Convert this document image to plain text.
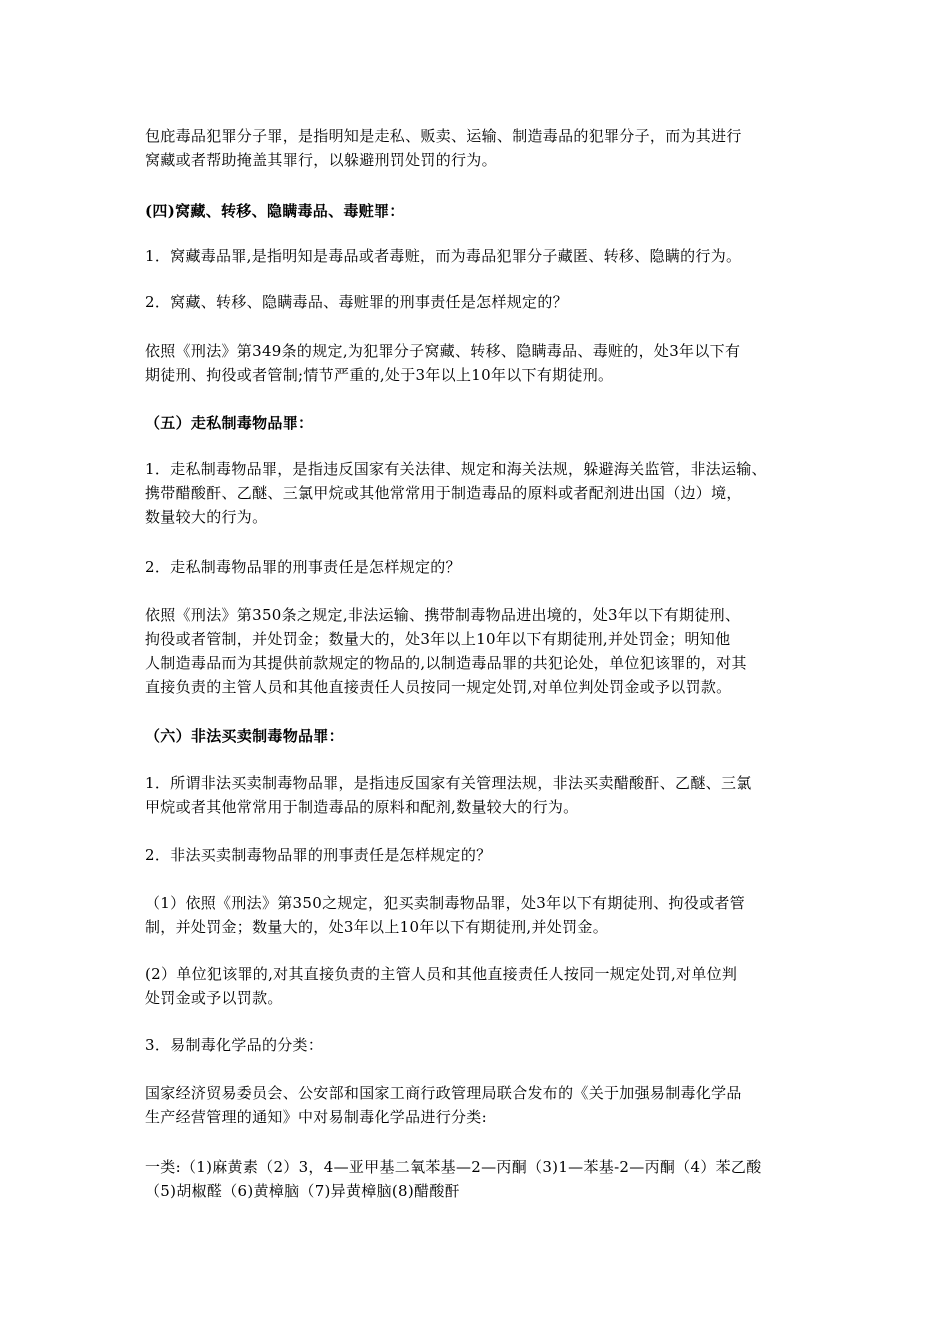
包庇毒品犯罪分子罪，是指明知是走私、贩卖、运输、制造毒品的犯罪分子，而为其进行
窝藏或者帮助掩盖其罪行，以躲避刑罚处罚的行为。
(四)窝藏、转移、隐瞒毒品、毒赃罪：
1．窝藏毒品罪,是指明知是毒品或者毒赃，而为毒品犯罪分子藏匿、转移、隐瞒的行为。
2．窝藏、转移、隐瞒毒品、毒赃罪的刑事责任是怎样规定的？
依照《刑法》第349条的规定,为犯罪分子窝藏、转移、隐瞒毒品、毒赃的，处3年以下有
期徒刑、拘役或者管制;情节严重的,处于3年以上10年以下有期徒刑。
（五）走私制毒物品罪：
1．走私制毒物品罪，是指违反国家有关法律、规定和海关法规，躲避海关监管，非法运输、
携带醋酸酐、乙醚、三氯甲烷或其他常常用于制造毒品的原料或者配剂进出国（边）境，
数量较大的行为。
2．走私制毒物品罪的刑事责任是怎样规定的？
依照《刑法》第350条之规定,非法运输、携带制毒物品进出境的，处3年以下有期徒刑、
拘役或者管制，并处罚金；数量大的，处3年以上10年以下有期徒刑,并处罚金；明知他
人制造毒品而为其提供前款规定的物品的,以制造毒品罪的共犯论处，单位犯该罪的，对其
直接负责的主管人员和其他直接责任人员按同一规定处罚,对单位判处罚金或予以罚款。
（六）非法买卖制毒物品罪：
1．所谓非法买卖制毒物品罪，是指违反国家有关管理法规，非法买卖醋酸酐、乙醚、三氯
甲烷或者其他常常用于制造毒品的原料和配剂,数量较大的行为。
2．非法买卖制毒物品罪的刑事责任是怎样规定的？
（1）依照《刑法》第350之规定，犯买卖制毒物品罪，处3年以下有期徒刑、拘役或者管
制，并处罚金；数量大的，处3年以上10年以下有期徒刑,并处罚金。
(2）单位犯该罪的,对其直接负责的主管人员和其他直接责任人按同一规定处罚,对单位判
处罚金或予以罚款。
3．易制毒化学品的分类：
国家经济贸易委员会、公安部和国家工商行政管理局联合发布的《关于加强易制毒化学品
生产经营管理的通知》中对易制毒化学品进行分类:
一类:（1)麻黄素（2）3，4—亚甲基二氧苯基—2—丙酮（3)1—苯基-2—丙酮（4）苯乙酸
（5)胡椒醛（6)黄樟脑（7)异黄樟脑(8)醋酸酐
